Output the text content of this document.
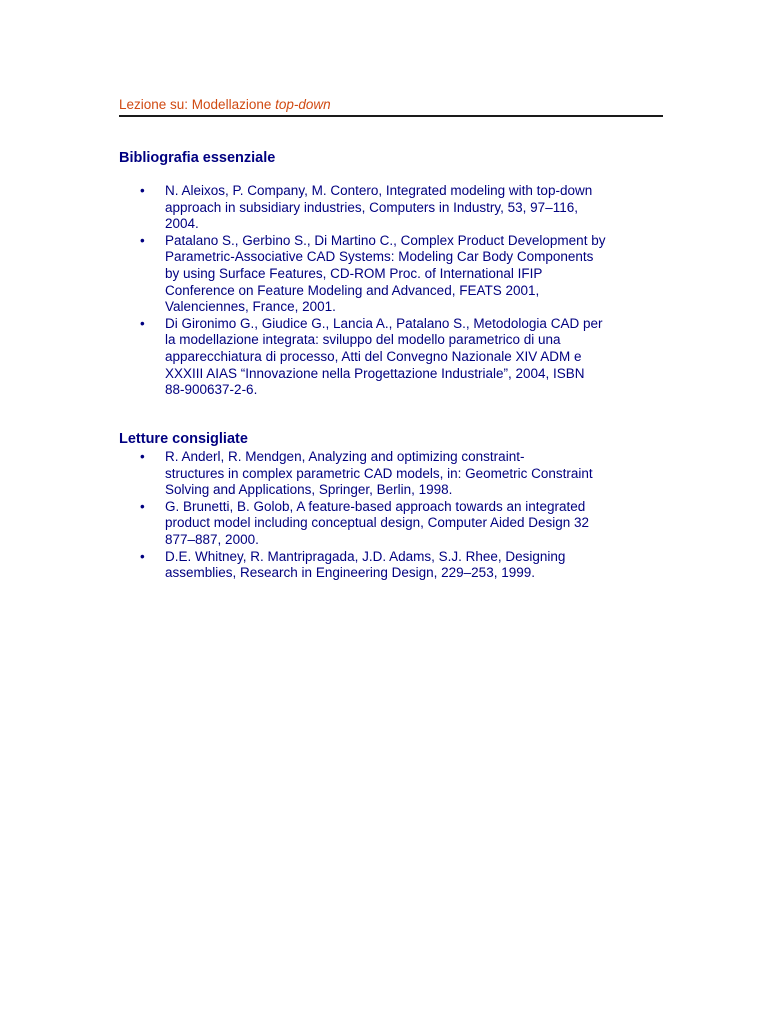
Lezione su: Modellazione top-down
Bibliografia essenziale
• N. Aleixos, P. Company, M. Contero, Integrated modeling with top-down
approach in subsidiary industries, Computers in Industry, 53, 97–116,
2004.
• Patalano S., Gerbino S., Di Martino C., Complex Product Development by
Parametric-Associative CAD Systems: Modeling Car Body Components
by using Surface Features, CD-ROM Proc. of International IFIP
Conference on Feature Modeling and Advanced, FEATS 2001,
Valenciennes, France, 2001.
• Di Gironimo G., Giudice G., Lancia A., Patalano S., Metodologia CAD per
la modellazione integrata: sviluppo del modello parametrico di una
apparecchiatura di processo, Atti del Convegno Nazionale XIV ADM e
XXXIII AIAS “Innovazione nella Progettazione Industriale”, 2004, ISBN
88-900637-2-6.
Letture consigliate
• R. Anderl, R. Mendgen, Analyzing and optimizing constraint-
structures in complex parametric CAD models, in: Geometric Constraint
Solving and Applications, Springer, Berlin, 1998.
• G. Brunetti, B. Golob, A feature-based approach towards an integrated
product model including conceptual design, Computer Aided Design 32
877–887, 2000.
• D.E. Whitney, R. Mantripragada, J.D. Adams, S.J. Rhee, Designing
assemblies, Research in Engineering Design, 229–253, 1999.
